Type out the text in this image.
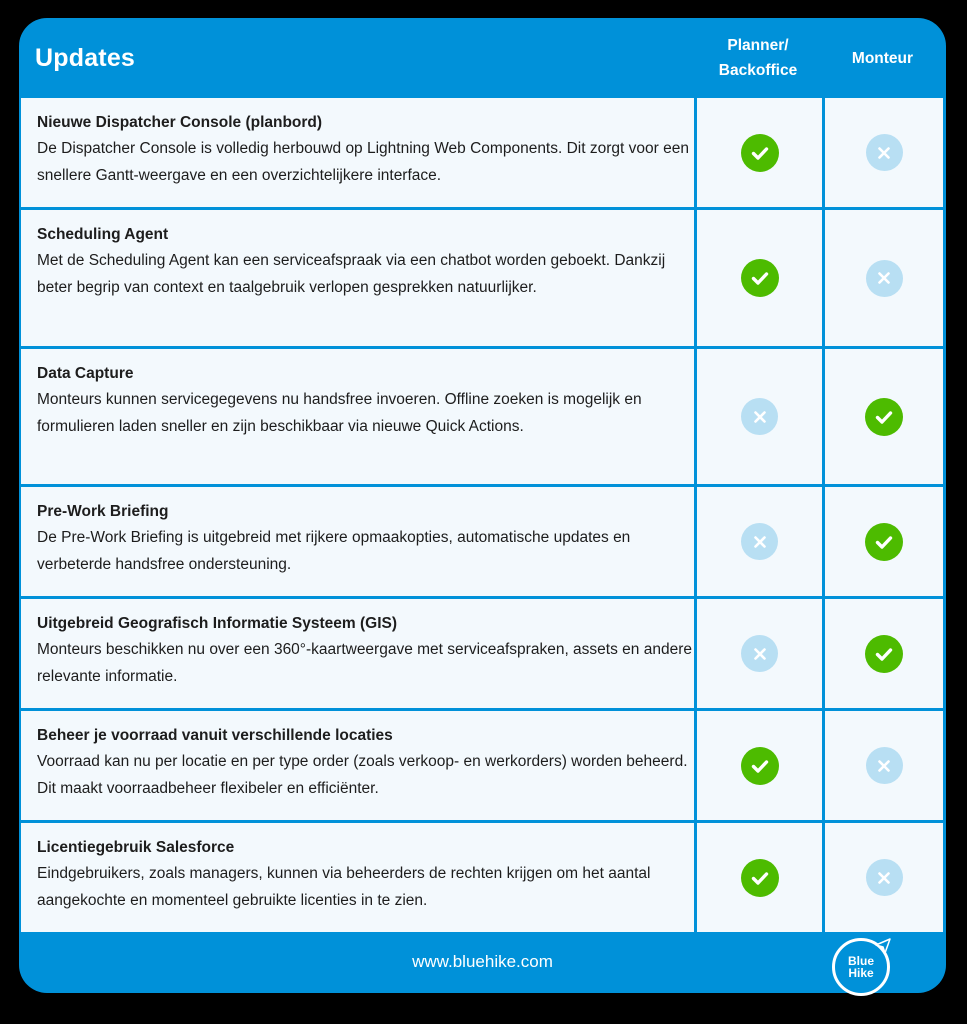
Updates	Planner/
Backoffice
Monteur
Nieuwe Dispatcher Console (planbord)
De Dispatcher Console is volledig herbouwd op Lightning Web Components. Dit zorgt voor een snellere Gantt-weergave en een overzichtelijkere interface.
Scheduling Agent
Met de Scheduling Agent kan een serviceafspraak via een chatbot worden geboekt. Dankzij beter begrip van context en taalgebruik verlopen gesprekken natuurlijker.
Data Capture
Monteurs kunnen servicegegevens nu handsfree invoeren. Offline zoeken is mogelijk en formulieren laden sneller en zijn beschikbaar via nieuwe Quick Actions.
Pre-Work Briefing
De Pre-Work Briefing is uitgebreid met rijkere opmaakopties, automatische updates en verbeterde handsfree ondersteuning.
Uitgebreid Geografisch Informatie Systeem (GIS)
Monteurs beschikken nu over een 360°-kaartweergave met serviceafspraken, assets en andere relevante informatie.
Beheer je voorraad vanuit verschillende locaties
Voorraad kan nu per locatie en per type order (zoals verkoop- en werkorders) worden beheerd. Dit maakt voorraadbeheer flexibeler en efficiënter.
Licentiegebruik Salesforce
Eindgebruikers, zoals managers, kunnen via beheerders de rechten krijgen om het aantal aangekochte en momenteel gebruikte licenties in te zien.
www.bluehike.com	Blue
Hike
